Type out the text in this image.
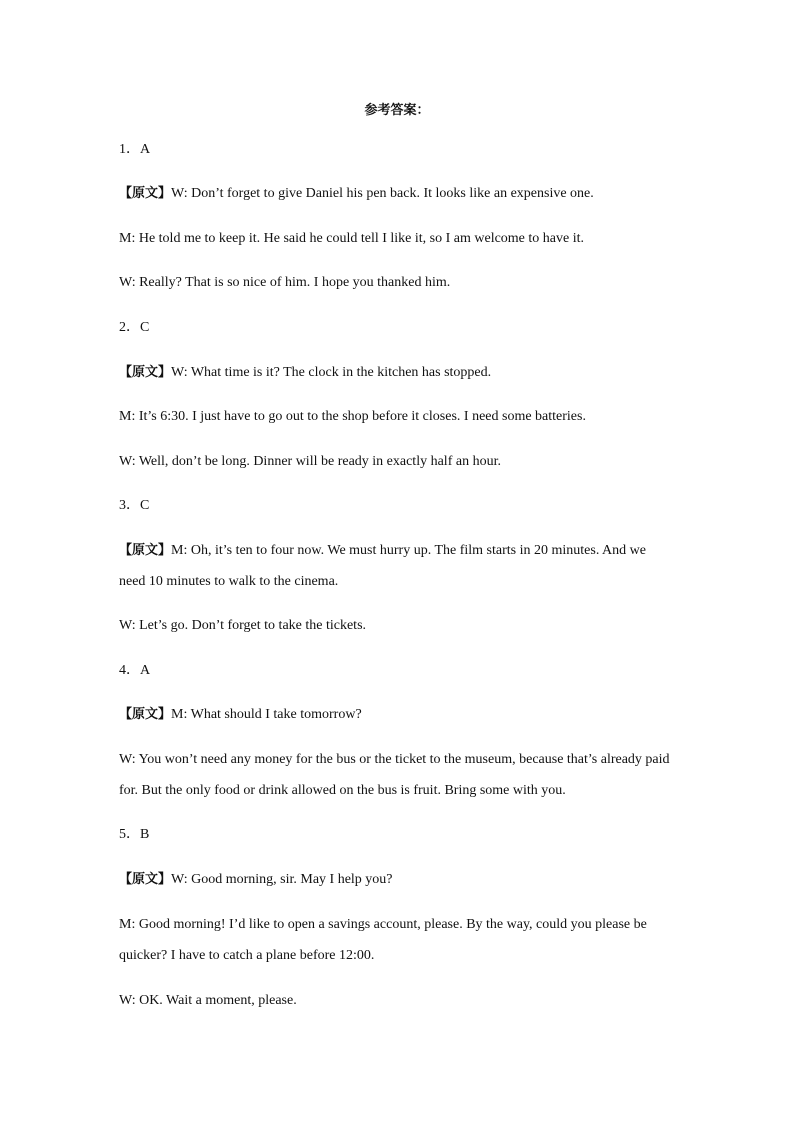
参考答案：
1．A
【原文】W: Don’t forget to give Daniel his pen back. It looks like an expensive one.
M: He told me to keep it. He said he could tell I like it, so I am welcome to have it.
W: Really? That is so nice of him. I hope you thanked him.
2．C
【原文】W: What time is it? The clock in the kitchen has stopped.
M: It’s 6:30. I just have to go out to the shop before it closes. I need some batteries.
W: Well, don’t be long. Dinner will be ready in exactly half an hour.
3．C
【原文】M: Oh, it’s ten to four now. We must hurry up. The film starts in 20 minutes. And we
need 10 minutes to walk to the cinema.
W: Let’s go. Don’t forget to take the tickets.
4．A
【原文】M: What should I take tomorrow?
W: You won’t need any money for the bus or the ticket to the museum, because that’s already paid
for. But the only food or drink allowed on the bus is fruit. Bring some with you.
5．B
【原文】W: Good morning, sir. May I help you?
M: Good morning! I’d like to open a savings account, please. By the way, could you please be
quicker? I have to catch a plane before 12:00.
W: OK. Wait a moment, please.
